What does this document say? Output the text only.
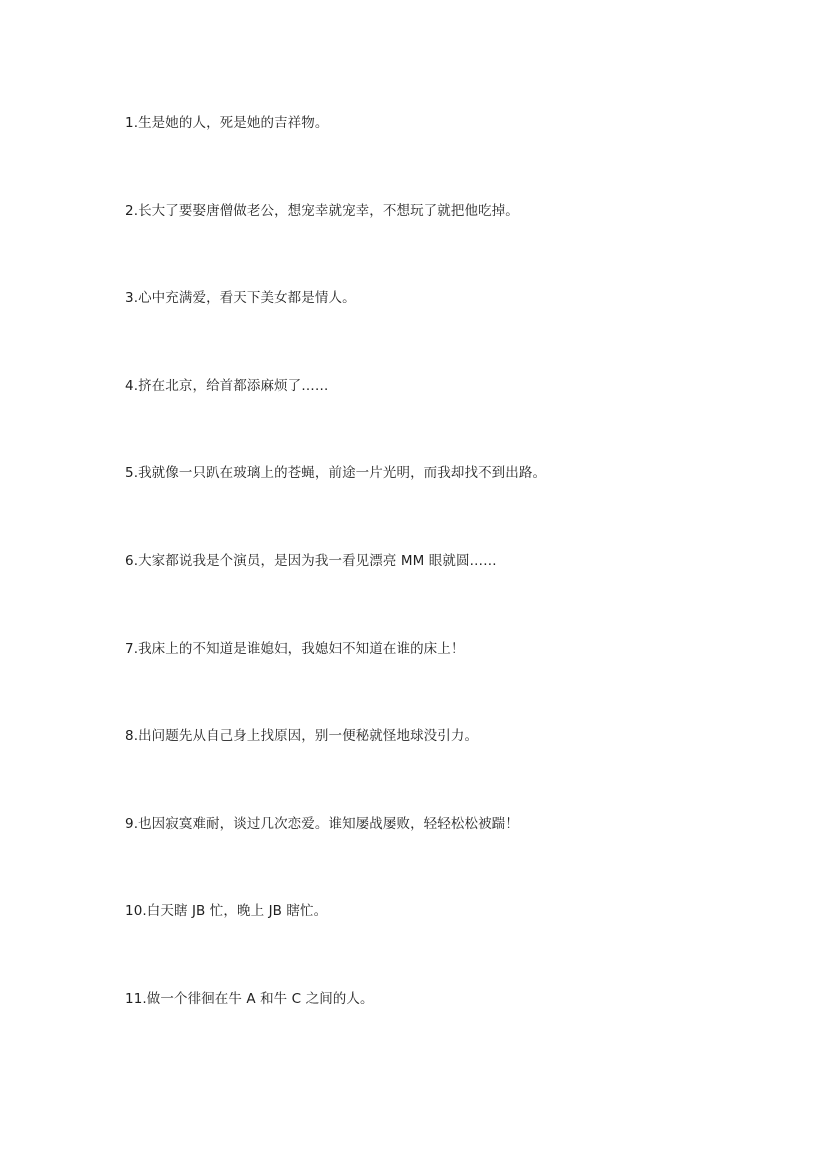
1.生是她的人，死是她的吉祥物。
2.长大了要娶唐僧做老公，想宠幸就宠幸，不想玩了就把他吃掉。
3.心中充满爱，看天下美女都是情人。
4.挤在北京，给首都添麻烦了……
5.我就像一只趴在玻璃上的苍蝇，前途一片光明，而我却找不到出路。
6.大家都说我是个演员，是因为我一看见漂亮 MM 眼就圆……
7.我床上的不知道是谁媳妇，我媳妇不知道在谁的床上！
8.出问题先从自己身上找原因，别一便秘就怪地球没引力。
9.也因寂寞难耐，谈过几次恋爱。谁知屡战屡败，轻轻松松被踹！
10.白天瞎 JB 忙，晚上 JB 瞎忙。
11.做一个徘徊在牛 A 和牛 C 之间的人。
